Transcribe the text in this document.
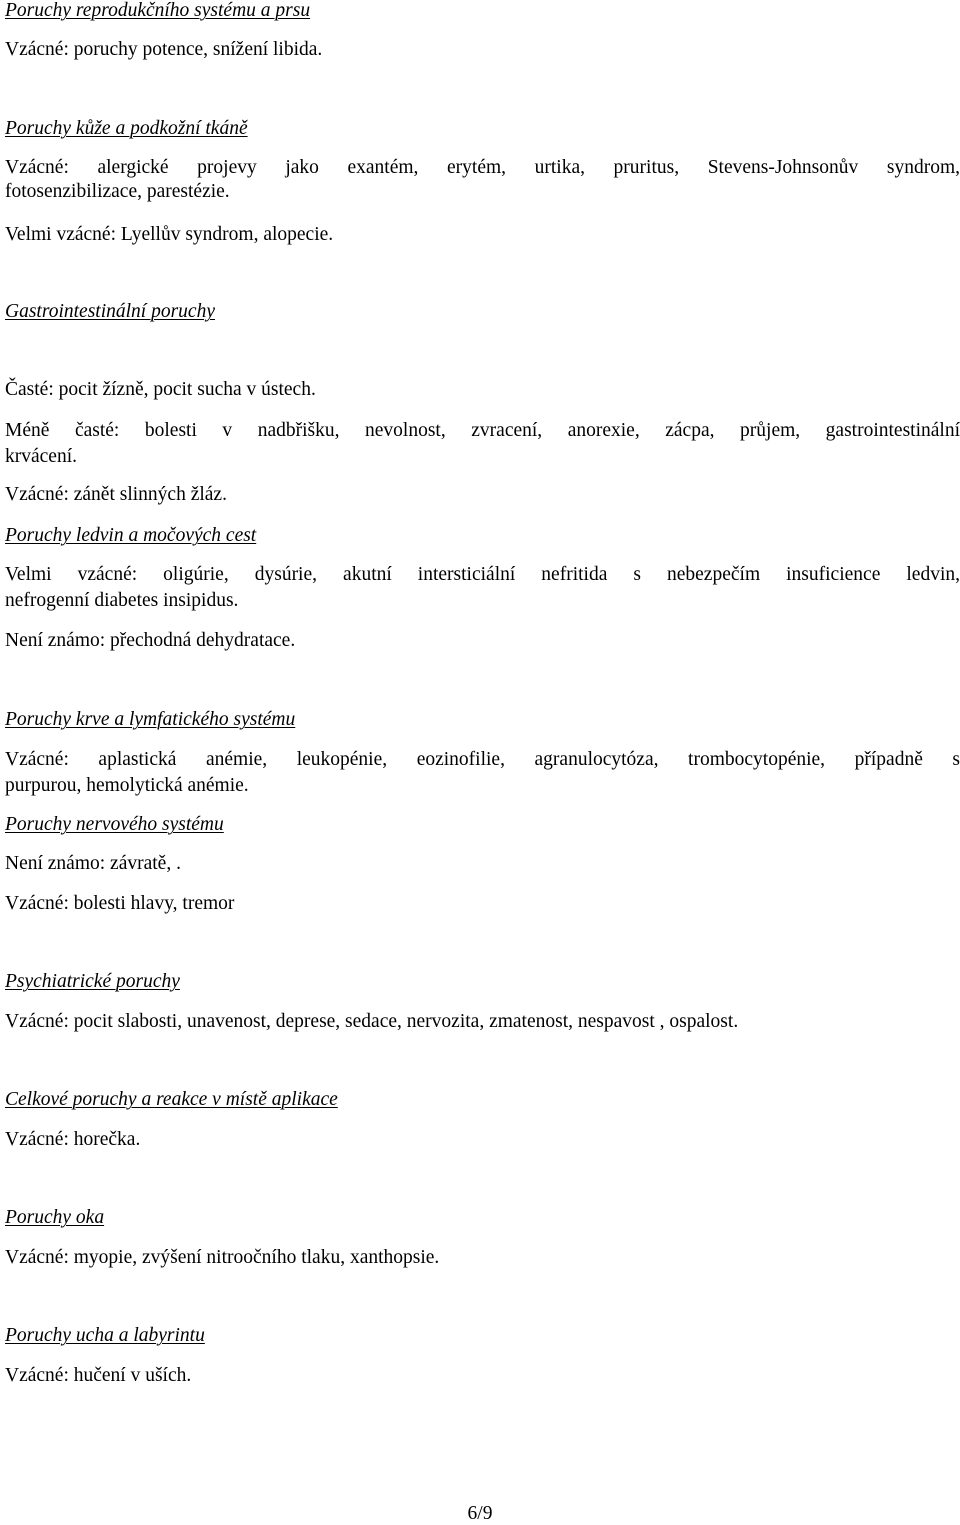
Poruchy reprodukčního systému a prsu

Vzácné: poruchy potence, snížení libida.

Poruchy kůže a podkožní tkáně

Vzácné: alergické projevy jako exantém, erytém, urtika, pruritus, Stevens-Johnsonův syndrom,

fotosenzibilizace, parestézie.

Velmi vzácné: Lyellův syndrom, alopecie.

Gastrointestinální poruchy

Časté: pocit žízně, pocit sucha v ústech.

Méně časté: bolesti v nadbřišku, nevolnost, zvracení, anorexie, zácpa, průjem, gastrointestinální

krvácení.

Vzácné: zánět slinných žláz.

Poruchy ledvin a močových cest

Velmi vzácné: oligúrie, dysúrie, akutní intersticiální nefritida s nebezpečím insuficience ledvin,

nefrogenní diabetes insipidus.

Není známo: přechodná dehydratace.

Poruchy krve a lymfatického systému

Vzácné: aplastická anémie, leukopénie, eozinofilie, agranulocytóza, trombocytopénie, případně s

purpurou, hemolytická anémie.

Poruchy nervového systému

Není známo: závratě, .

Vzácné: bolesti hlavy, tremor

Psychiatrické poruchy

Vzácné: pocit slabosti, unavenost, deprese, sedace, nervozita, zmatenost, nespavost , ospalost.

Celkové poruchy a reakce v místě aplikace

Vzácné: horečka.

Poruchy oka

Vzácné: myopie, zvýšení nitroočního tlaku, xanthopsie.

Poruchy ucha a labyrintu

Vzácné: hučení v uších.

6/9
